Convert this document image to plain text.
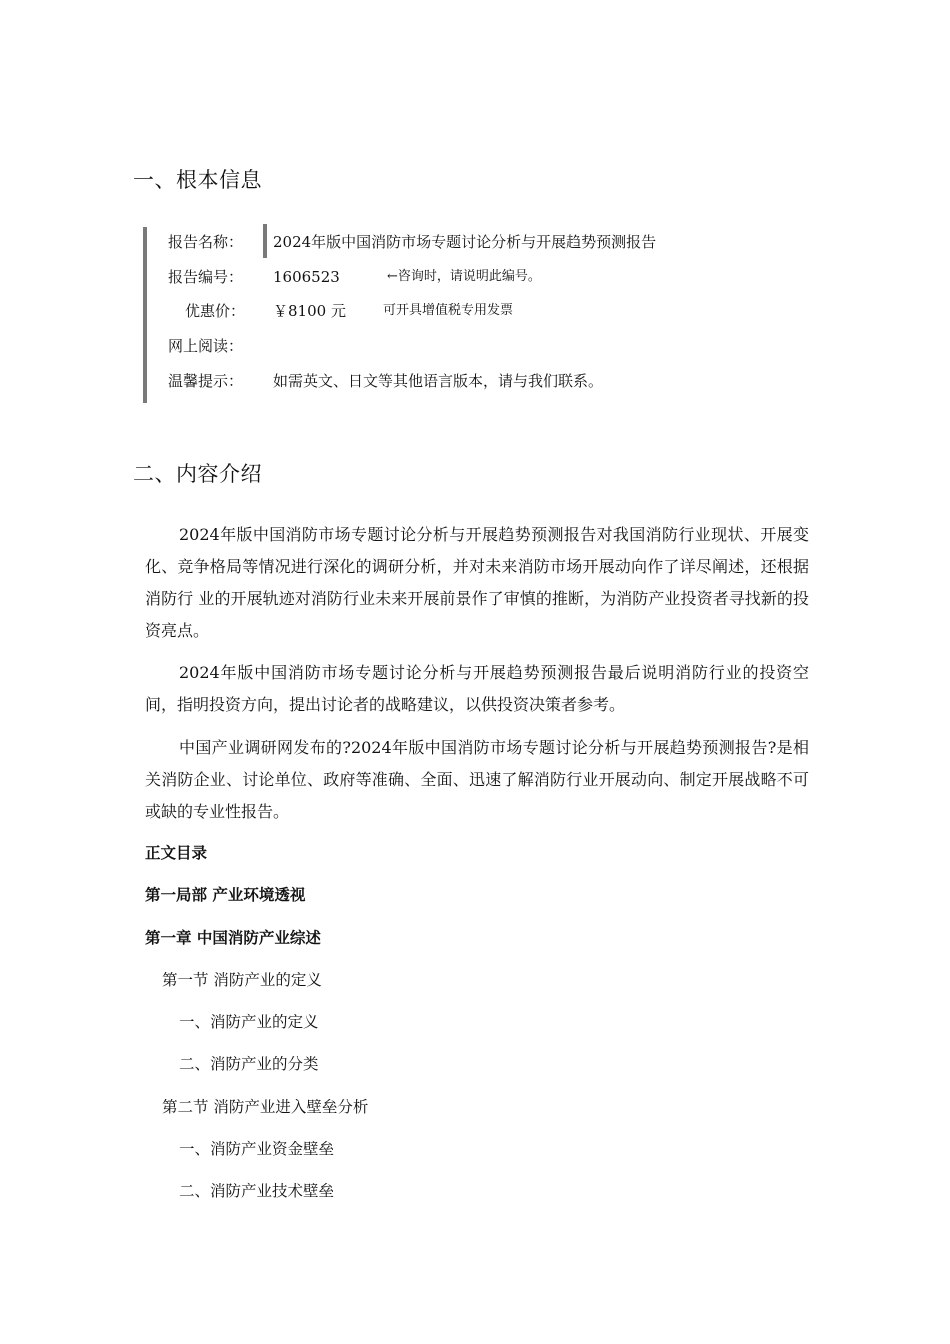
一、根本信息
报告名称：	2024年版中国消防市场专题讨论分析与开展趋势预测报告
报告编号：	1606523	←咨询时，请说明此编号。
优惠价：	￥8100 元	可开具增值税专用发票
网上阅读：
温馨提示：	如需英文、日文等其他语言版本，请与我们联系。
二、内容介绍

2024年版中国消防市场专题讨论分析与开展趋势预测报告对我国消防行业现状、开展变化、竞争格局等情况进行深化的调研分析，并对未来消防市场开展动向作了详尽阐述，还根据消防行 业的开展轨迹对消防行业未来开展前景作了审慎的推断，为消防产业投资者寻找新的投资亮点。

2024年版中国消防市场专题讨论分析与开展趋势预测报告最后说明消防行业的投资空间，指明投资方向，提出讨论者的战略建议，以供投资决策者参考。

中国产业调研网发布的?2024年版中国消防市场专题讨论分析与开展趋势预测报告?是相关消防企业、讨论单位、政府等准确、全面、迅速了解消防行业开展动向、制定开展战略不可或缺的专业性报告。

正文目录
第一局部 产业环境透视
第一章 中国消防产业综述
第一节 消防产业的定义
一、消防产业的定义
二、消防产业的分类
第二节 消防产业进入壁垒分析
一、消防产业资金壁垒
二、消防产业技术壁垒
